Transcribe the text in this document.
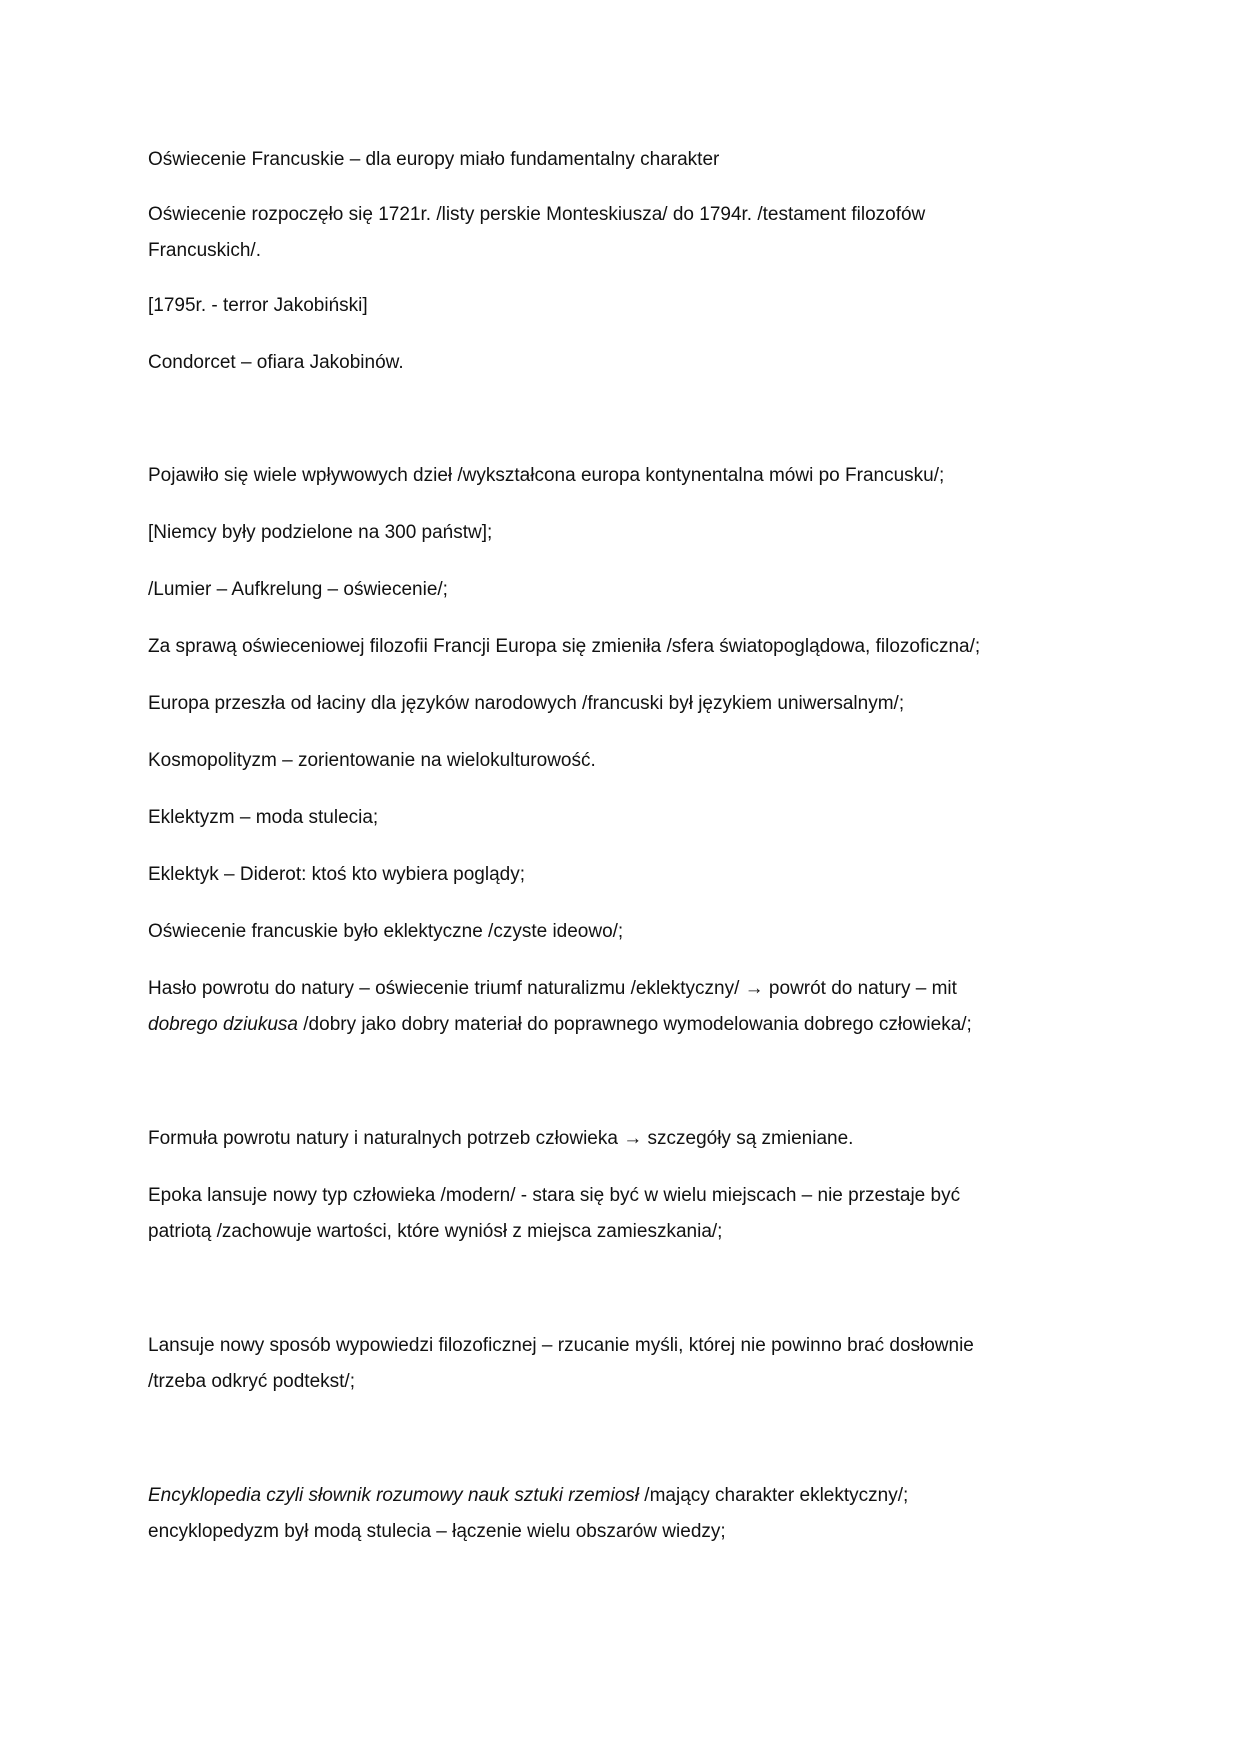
Oświecenie Francuskie – dla europy miało fundamentalny charakter

Oświecenie rozpoczęło się 1721r. /listy perskie Monteskiusza/ do 1794r. /testament filozofów
Francuskich/.

[1795r. - terror Jakobiński]

Condorcet – ofiara Jakobinów.

Pojawiło się wiele wpływowych dzieł /wykształcona europa kontynentalna mówi po Francusku/;

[Niemcy były podzielone na 300 państw];

/Lumier – Aufkrelung – oświecenie/;

Za sprawą oświeceniowej filozofii Francji Europa się zmieniła /sfera światopoglądowa, filozoficzna/;

Europa przeszła od łaciny dla języków narodowych /francuski był językiem uniwersalnym/;

Kosmopolityzm – zorientowanie na wielokulturowość.

Eklektyzm – moda stulecia;

Eklektyk – Diderot: ktoś kto wybiera poglądy;

Oświecenie francuskie było eklektyczne /czyste ideowo/;

Hasło powrotu do natury – oświecenie triumf naturalizmu /eklektyczny/ → powrót do natury – mit
dobrego dziukusa /dobry jako dobry materiał do poprawnego wymodelowania dobrego człowieka/;

Formuła powrotu natury i naturalnych potrzeb człowieka → szczegóły są zmieniane.

Epoka lansuje nowy typ człowieka /modern/ - stara się być w wielu miejscach – nie przestaje być
patriotą /zachowuje wartości, które wyniósł z miejsca zamieszkania/;

Lansuje nowy sposób wypowiedzi filozoficznej – rzucanie myśli, której nie powinno brać dosłownie
/trzeba odkryć podtekst/;

Encyklopedia czyli słownik rozumowy nauk sztuki rzemiosł /mający charakter eklektyczny/;
encyklopedyzm był modą stulecia – łączenie wielu obszarów wiedzy;
